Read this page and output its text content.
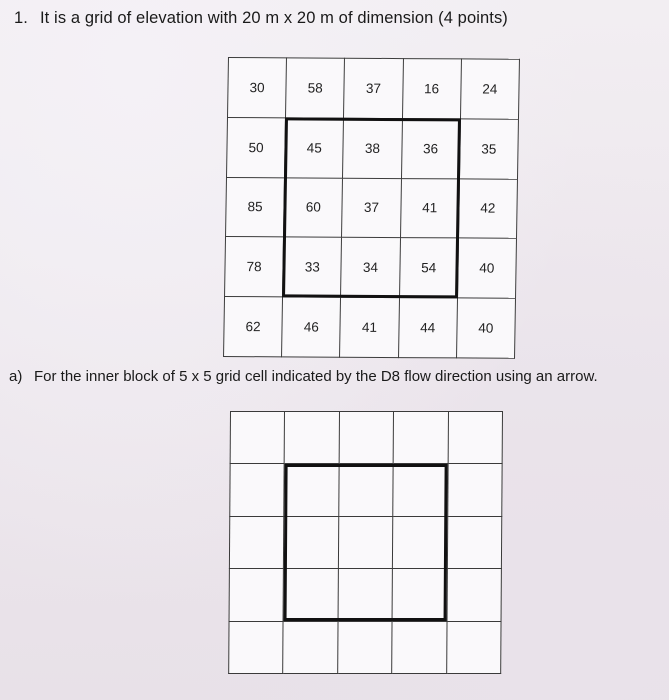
1. It is a grid of elevation with 20 m x 20 m of dimension (4 points)
30	58	37	16	24
50	45	38	36	35
85	60	37	41	42
78	33	34	54	40
62	46	41	44	40
a) For the inner block of 5 x 5 grid cell indicated by the D8 flow direction using an arrow.
